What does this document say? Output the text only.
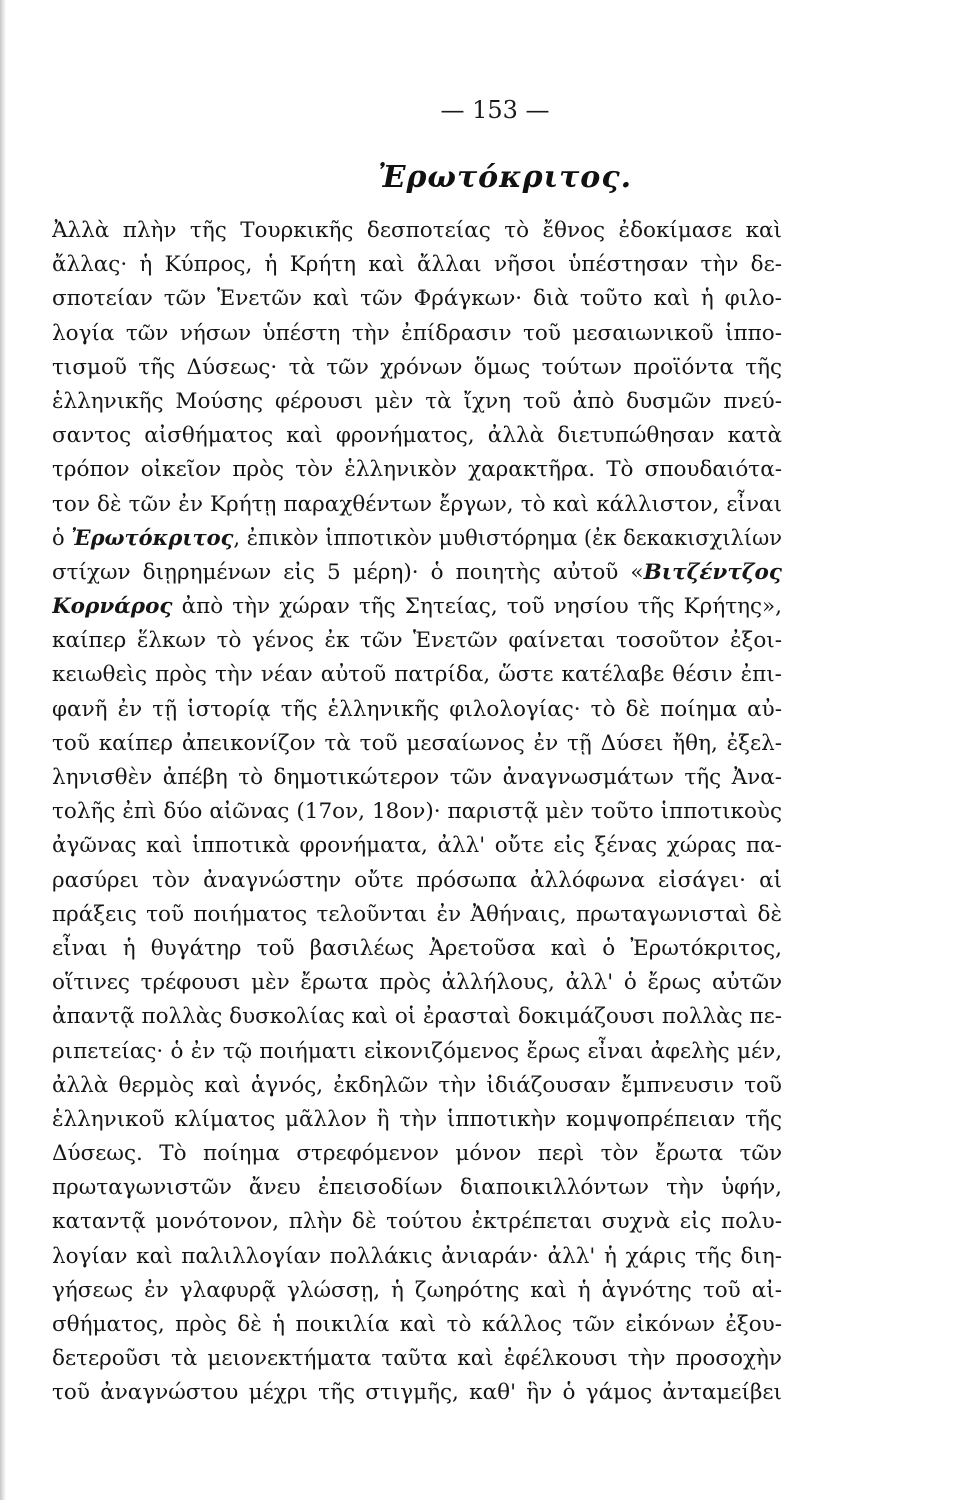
— 153 —
Ἐρωτόκριτος.
Ἀλλὰ πλὴν τῆς Τουρκικῆς δεσποτείας τὸ ἔθνος ἐδοκίμασε καὶ
ἄλλας· ἡ Κύπρος, ἡ Κρήτη καὶ ἄλλαι νῆσοι ὑπέστησαν τὴν δε-
σποτείαν τῶν Ἑνετῶν καὶ τῶν Φράγκων· διὰ τοῦτο καὶ ἡ φιλο-
λογία τῶν νήσων ὑπέστη τὴν ἐπίδρασιν τοῦ μεσαιωνικοῦ ἱππο-
τισμοῦ τῆς Δύσεως· τὰ τῶν χρόνων ὅμως τούτων προϊόντα τῆς
ἑλληνικῆς Μούσης φέρουσι μὲν τὰ ἴχνη τοῦ ἀπὸ δυσμῶν πνεύ-
σαντος αἰσθήματος καὶ φρονήματος, ἀλλὰ διετυπώθησαν κατὰ
τρόπον οἰκεῖον πρὸς τὸν ἑλληνικὸν χαρακτῆρα. Τὸ σπουδαιότα-
τον δὲ τῶν ἐν Κρήτῃ παραχθέντων ἔργων, τὸ καὶ κάλλιστον, εἶναι
ὁ Ἐρωτόκριτος, ἐπικὸν ἱπποτικὸν μυθιστόρημα (ἐκ δεκακισχιλίων
στίχων διῃρημένων εἰς 5 μέρη)· ὁ ποιητὴς αὐτοῦ «Βιτζέντζος
Κορνάρος ἀπὸ τὴν χώραν τῆς Σητείας, τοῦ νησίου τῆς Κρήτης»,
καίπερ ἕλκων τὸ γένος ἐκ τῶν Ἑνετῶν φαίνεται τοσοῦτον ἐξοι-
κειωθεὶς πρὸς τὴν νέαν αὐτοῦ πατρίδα, ὥστε κατέλαβε θέσιν ἐπι-
φανῆ ἐν τῇ ἱστορίᾳ τῆς ἑλληνικῆς φιλολογίας· τὸ δὲ ποίημα αὐ-
τοῦ καίπερ ἀπεικονίζον τὰ τοῦ μεσαίωνος ἐν τῇ Δύσει ἤθη, ἐξελ-
ληνισθὲν ἀπέβη τὸ δημοτικώτερον τῶν ἀναγνωσμάτων τῆς Ἀνα-
τολῆς ἐπὶ δύο αἰῶνας (17ον, 18ον)· παριστᾷ μὲν τοῦτο ἱπποτικοὺς
ἀγῶνας καὶ ἱπποτικὰ φρονήματα, ἀλλ' οὔτε εἰς ξένας χώρας πα-
ρασύρει τὸν ἀναγνώστην οὔτε πρόσωπα ἀλλόφωνα εἰσάγει· αἱ
πράξεις τοῦ ποιήματος τελοῦνται ἐν Ἀθήναις, πρωταγωνισταὶ δὲ
εἶναι ἡ θυγάτηρ τοῦ βασιλέως Ἀρετοῦσα καὶ ὁ Ἐρωτόκριτος,
οἵτινες τρέφουσι μὲν ἔρωτα πρὸς ἀλλήλους, ἀλλ' ὁ ἔρως αὐτῶν
ἀπαντᾷ πολλὰς δυσκολίας καὶ οἱ ἐρασταὶ δοκιμάζουσι πολλὰς πε-
ριπετείας· ὁ ἐν τῷ ποιήματι εἰκονιζόμενος ἔρως εἶναι ἀφελὴς μέν,
ἀλλὰ θερμὸς καὶ ἁγνός, ἐκδηλῶν τὴν ἰδιάζουσαν ἔμπνευσιν τοῦ
ἑλληνικοῦ κλίματος μᾶλλον ἢ τὴν ἱπποτικὴν κομψοπρέπειαν τῆς
Δύσεως. Τὸ ποίημα στρεφόμενον μόνον περὶ τὸν ἔρωτα τῶν
πρωταγωνιστῶν ἄνευ ἐπεισοδίων διαποικιλλόντων τὴν ὑφήν,
καταντᾷ μονότονον, πλὴν δὲ τούτου ἐκτρέπεται συχνὰ εἰς πολυ-
λογίαν καὶ παλιλλογίαν πολλάκις ἀνιαράν· ἀλλ' ἡ χάρις τῆς διη-
γήσεως ἐν γλαφυρᾷ γλώσσῃ, ἡ ζωηρότης καὶ ἡ ἁγνότης τοῦ αἰ-
σθήματος, πρὸς δὲ ἡ ποικιλία καὶ τὸ κάλλος τῶν εἰκόνων ἐξου-
δετεροῦσι τὰ μειονεκτήματα ταῦτα καὶ ἐφέλκουσι τὴν προσοχὴν
τοῦ ἀναγνώστου μέχρι τῆς στιγμῆς, καθ' ἣν ὁ γάμος ἀνταμείβει
